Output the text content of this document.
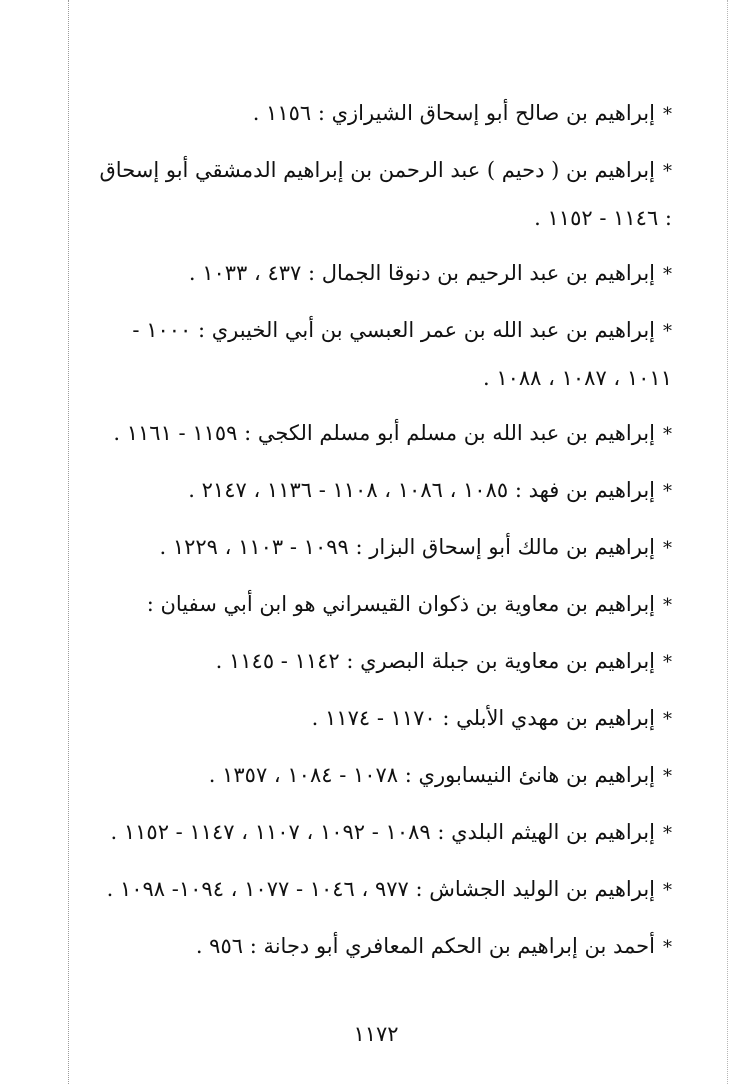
*إبراهيم بن صالح أبو إسحاق الشيرازي : ١١٥٦ .
*إبراهيم بن ( دحيم ) عبد الرحمن بن إبراهيم الدمشقي أبو إسحاق : ١١٤٦ - ١١٥٢ .
*إبراهيم بن عبد الرحيم بن دنوقا الجمال : ٤٣٧ ، ١٠٣٣ .
*إبراهيم بن عبد الله بن عمر العبسي بن أبي الخيبري : ١٠٠٠ - ١٠١١ ، ١٠٨٧ ، ١٠٨٨ .
*إبراهيم بن عبد الله بن مسلم أبو مسلم الكجي : ١١٥٩ - ١١٦١ .
*إبراهيم بن فهد : ١٠٨٥ ، ١٠٨٦ ، ١١٠٨ - ١١٣٦ ، ٢١٤٧ .
*إبراهيم بن مالك أبو إسحاق البزار : ١٠٩٩ - ١١٠٣ ، ١٢٢٩ .
*إبراهيم بن معاوية بن ذكوان القيسراني هو ابن أبي سفيان :
*إبراهيم بن معاوية بن جبلة البصري : ١١٤٢ - ١١٤٥ .
*إبراهيم بن مهدي الأبلي : ١١٧٠ - ١١٧٤ .
*إبراهيم بن هانئ النيسابوري : ١٠٧٨ - ١٠٨٤ ، ١٣٥٧ .
*إبراهيم بن الهيثم البلدي : ١٠٨٩ - ١٠٩٢ ، ١١٠٧ ، ١١٤٧ - ١١٥٢ .
*إبراهيم بن الوليد الجشاش : ٩٧٧ ، ١٠٤٦ - ١٠٧٧ ، ١٠٩٤- ١٠٩٨ .
*أحمد بن إبراهيم بن الحكم المعافري أبو دجانة : ٩٥٦ .
١١٧٢
